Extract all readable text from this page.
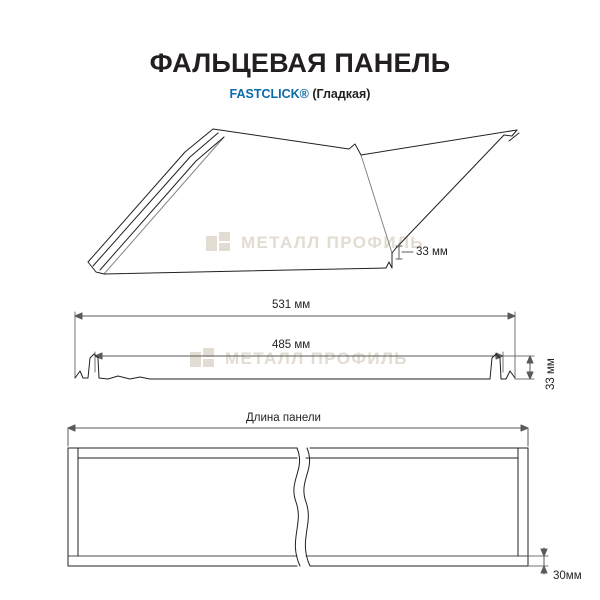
ФАЛЬЦЕВАЯ ПАНЕЛЬ
FASTCLICK® (Гладкая)
МЕТАЛЛ ПРОФИЛЬ
МЕТАЛЛ ПРОФИЛЬ
33 мм
531 мм
485 мм
33 мм
Длина панели
30мм
